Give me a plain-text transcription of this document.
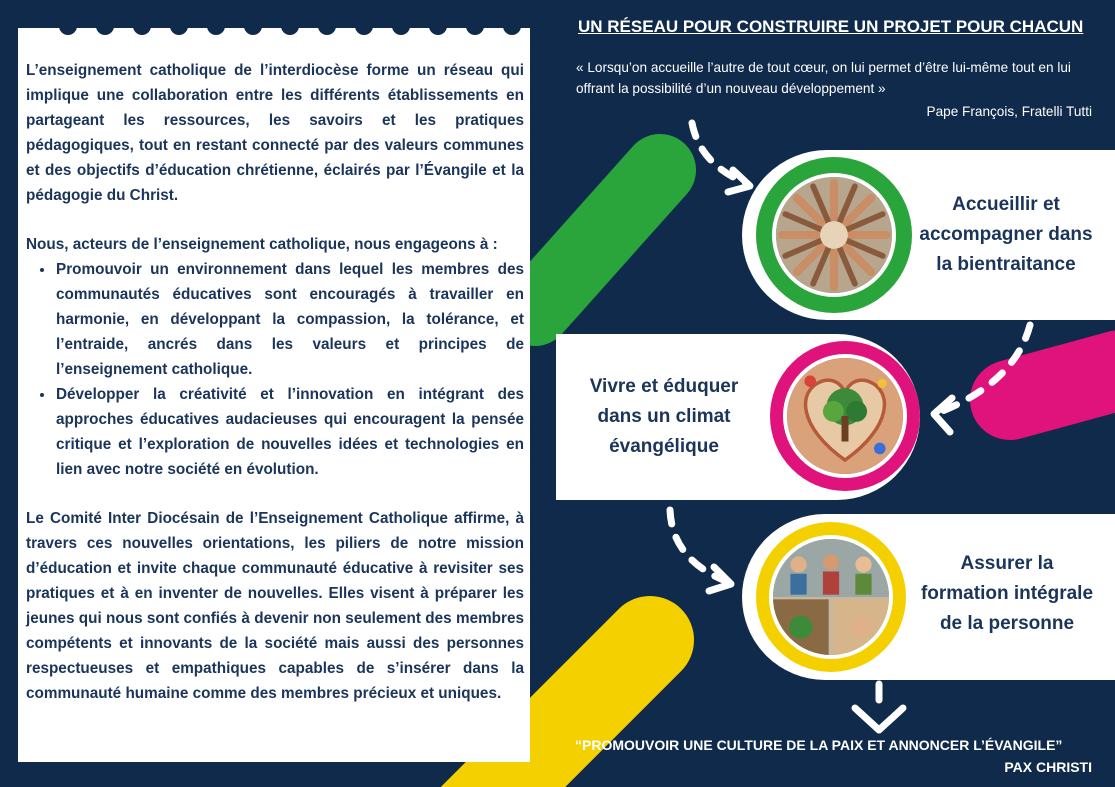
L’enseignement catholique de l’interdiocèse forme un réseau qui implique une collaboration entre les différents établissements en partageant les ressources, les savoirs et les pratiques pédagogiques, tout en restant connecté par des valeurs communes et des objectifs d’éducation chrétienne, éclairés par l’Évangile et la pédagogie du Christ.

Nous, acteurs de l’enseignement catholique, nous engageons à :

Promouvoir un environnement dans lequel les membres des communautés éducatives sont encouragés à travailler en harmonie, en développant la compassion, la tolérance, et l’entraide, ancrés dans les valeurs et principes de l’enseignement catholique.
Développer la créativité et l’innovation en intégrant des approches éducatives audacieuses qui encouragent la pensée critique et l’exploration de nouvelles idées et technologies en lien avec notre société en évolution.

Le Comité Inter Diocésain de l’Enseignement Catholique affirme, à travers ces nouvelles orientations, les piliers de notre mission d’éducation et invite chaque communauté éducative à revisiter ses pratiques et à en inventer de nouvelles. Elles visent à préparer les jeunes qui nous sont confiés à devenir non seulement des membres compétents et innovants de la société mais aussi des personnes respectueuses et empathiques capables de s’insérer dans la communauté humaine comme des membres précieux et uniques.

UN RÉSEAU POUR CONSTRUIRE UN PROJET POUR CHACUN
« Lorsqu’on accueille l’autre de tout cœur, on lui permet d’être lui-même tout en lui offrant la possibilité d’un nouveau développement »
Pape François, Fratelli Tutti
Accueillir et
accompagner dans
la bientraitance
Vivre et éduquer
dans un climat
évangélique
Assurer la
formation intégrale
de la personne
“PROMOUVOIR UNE CULTURE DE LA PAIX ET ANNONCER L’ÉVANGILE”
PAX CHRISTI
